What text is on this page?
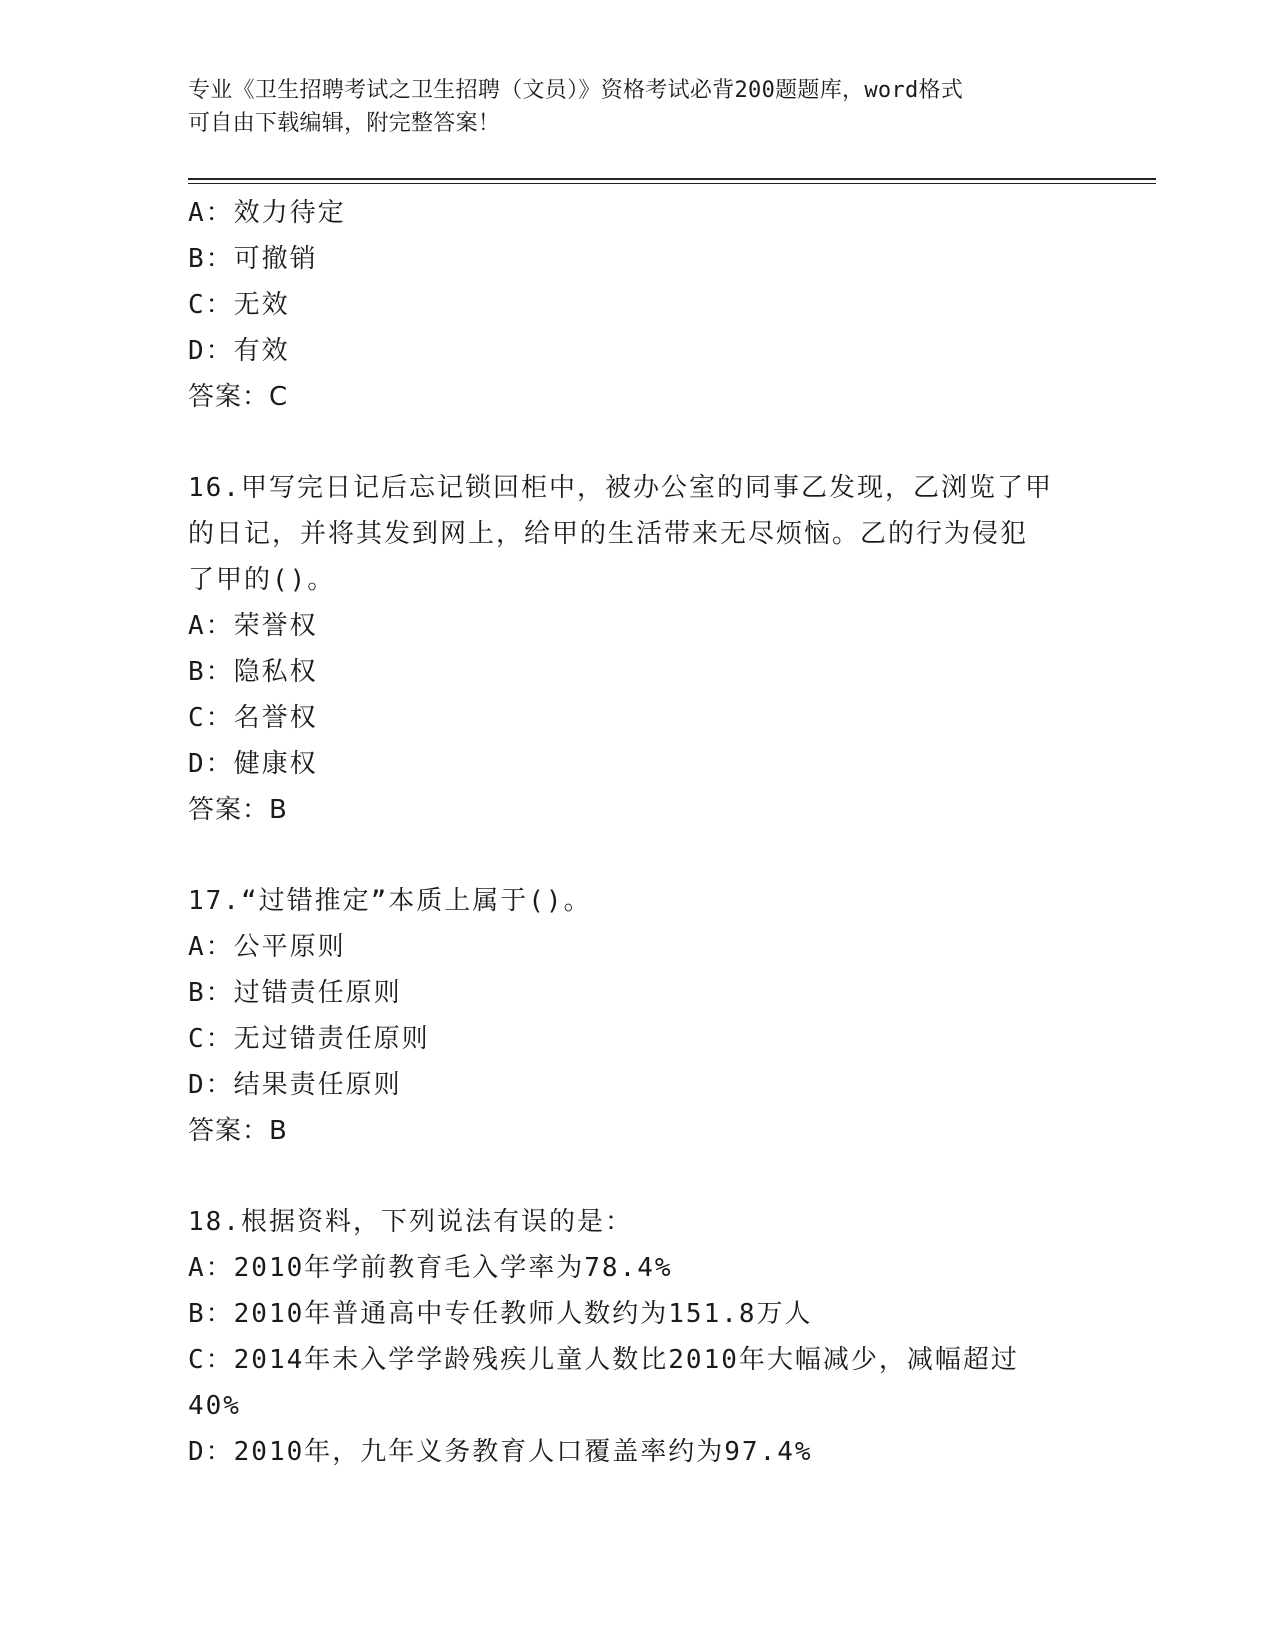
专业《卫生招聘考试之卫生招聘（文员）》资格考试必背200题题库，word格式
可自由下载编辑，附完整答案！
A：效力待定
B：可撤销
C：无效
D：有效
答案：C
16.甲写完日记后忘记锁回柜中，被办公室的同事乙发现，乙浏览了甲
的日记，并将其发到网上，给甲的生活带来无尽烦恼。乙的行为侵犯
了甲的()。
A：荣誉权
B：隐私权
C：名誉权
D：健康权
答案：B
17.“过错推定”本质上属于()。
A：公平原则
B：过错责任原则
C：无过错责任原则
D：结果责任原则
答案：B
18.根据资料，下列说法有误的是：
A：2010年学前教育毛入学率为78.4%
B：2010年普通高中专任教师人数约为151.8万人
C：2014年未入学学龄残疾儿童人数比2010年大幅减少，减幅超过
40%
D：2010年，九年义务教育人口覆盖率约为97.4%
